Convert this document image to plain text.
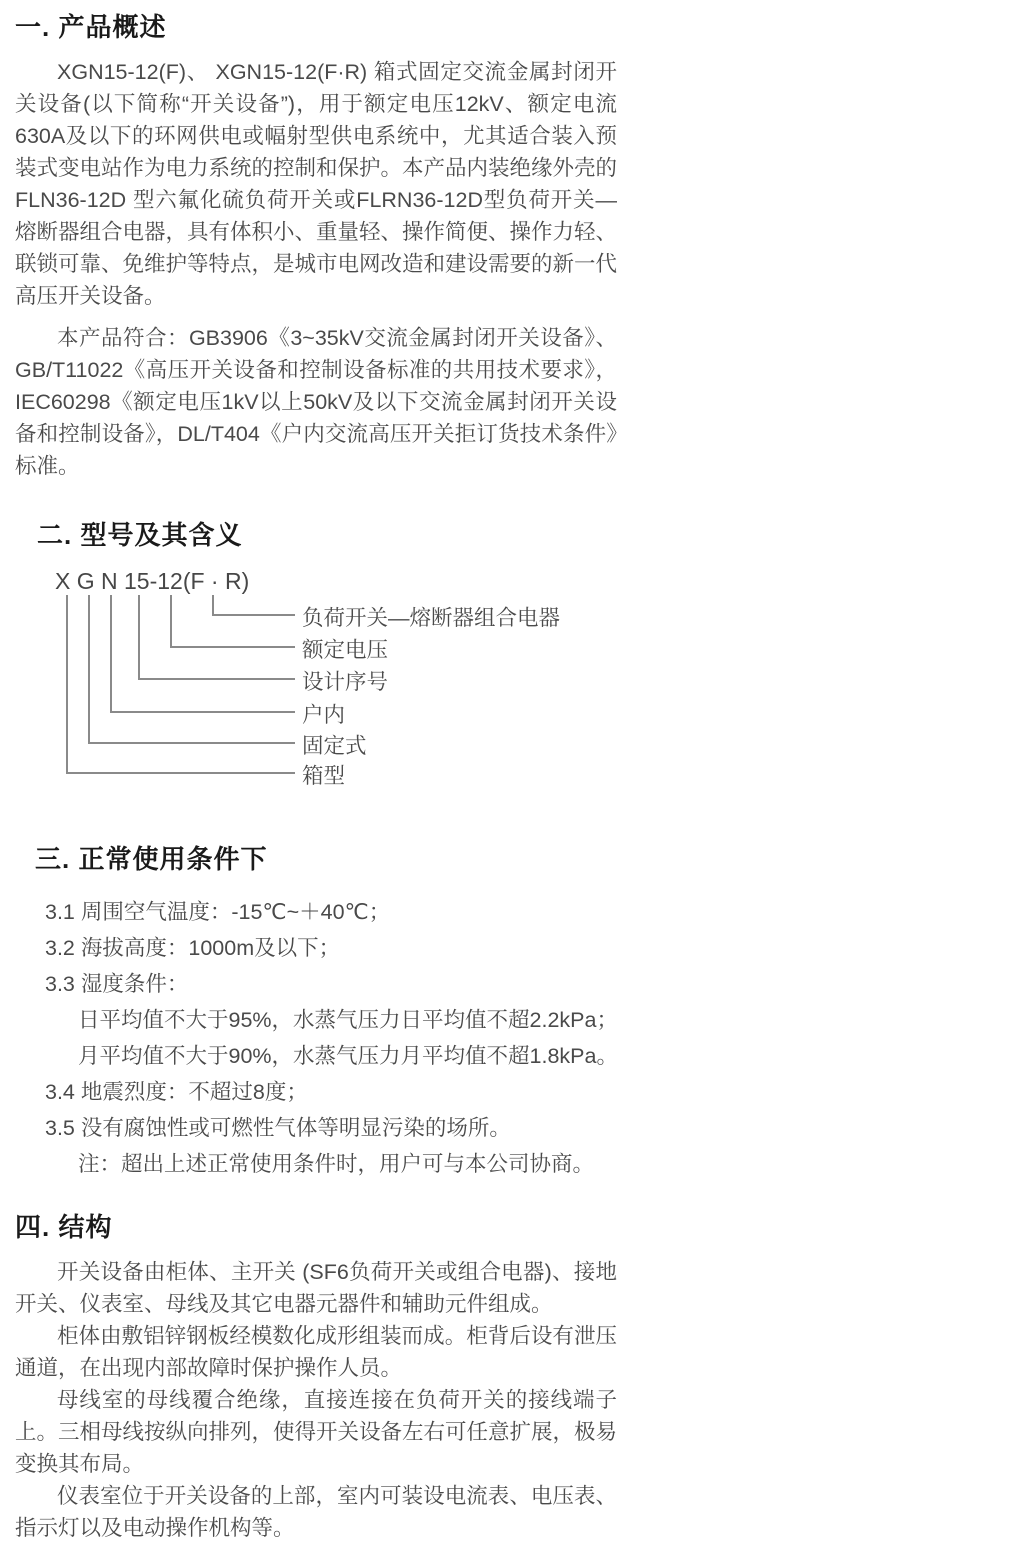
一. 产品概述

XGN15-12(F)、 XGN15-12(F·R) 箱式固定交流金属封闭开关设备(以下简称“开关设备”)，用于额定电压12kV、额定电流630A及以下的环网供电或幅射型供电系统中，尤其适合装入预装式变电站作为电力系统的控制和保护。本产品内装绝缘外壳的 FLN36-12D 型六氟化硫负荷开关或FLRN36-12D型负荷开关—熔断器组合电器，具有体积小、重量轻、操作简便、操作力轻、联锁可靠、免维护等特点，是城市电网改造和建设需要的新一代高压开关设备。

本产品符合：GB3906《3~35kV交流金属封闭开关设备》、GB/T11022《高压开关设备和控制设备标准的共用技术要求》，IEC60298《额定电压1kV以上50kV及以下交流金属封闭开关设备和控制设备》，DL/T404《户内交流高压开关拒订货技术条件》标准。

二. 型号及其含义
X G N 15-12(F · R)
负荷开关—熔断器组合电器
额定电压
设计序号
户内
固定式
箱型
三. 正常使用条件下
3.1 周围空气温度：-15℃~＋40℃；
3.2 海拔高度：1000m及以下；
3.3 湿度条件：
日平均值不大于95%，水蒸气压力日平均值不超2.2kPa；
月平均值不大于90%，水蒸气压力月平均值不超1.8kPa。
3.4 地震烈度：不超过8度；
3.5 没有腐蚀性或可燃性气体等明显污染的场所。
注：超出上述正常使用条件时，用户可与本公司协商。
四. 结构

开关设备由柜体、主开关 (SF6负荷开关或组合电器)、接地开关、仪表室、母线及其它电器元器件和辅助元件组成。

柜体由敷铝锌钢板经模数化成形组装而成。柜背后设有泄压通道，在出现内部故障时保护操作人员。

母线室的母线覆合绝缘，直接连接在负荷开关的接线端子上。三相母线按纵向排列，使得开关设备左右可任意扩展，极易变换其布局。

仪表室位于开关设备的上部，室内可装设电流表、电压表、指示灯以及电动操作机构等。
